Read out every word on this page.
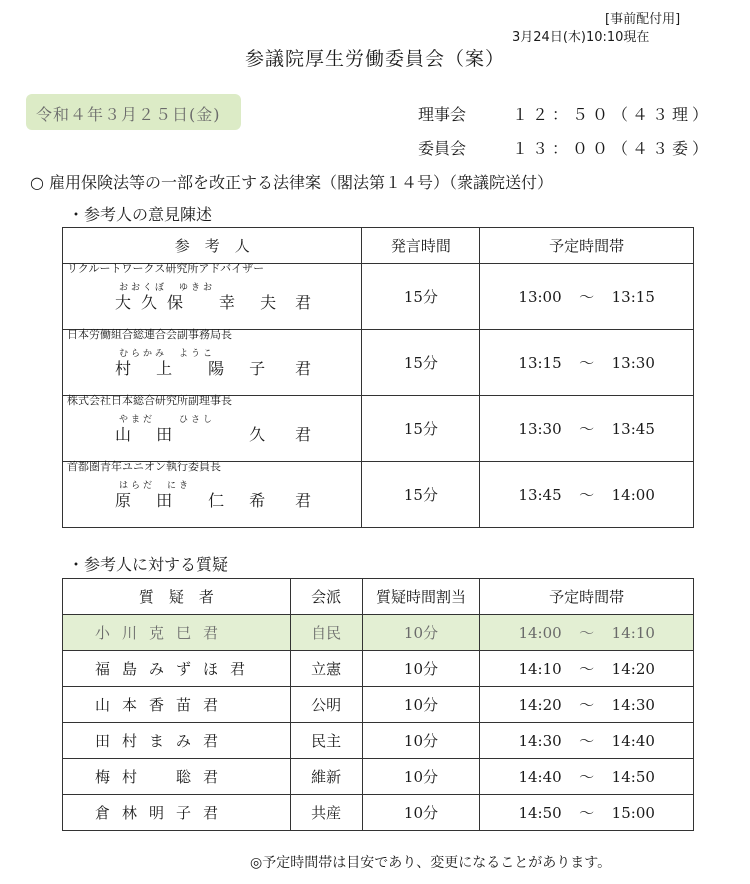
[事前配付用]
3月24日(木)10:10現在
参議院厚生労働委員会（案）
令和４年３月２５日(金)	理事会	１２：５０（４３理）
委員会	１３：００（４３委）
○ 雇用保険法等の一部を改正する法律案（閣法第１４号）（衆議院送付）
・参考人の意見陳述
参　考　人	発言時間	予定時間帯

リクルートワークス研究所アドバイザー
おおくぼ　ゆきお
大久保　幸 夫 君	15分	13:00 〜 13:15

日本労働組合総連合会副事務局長
むらかみ　ようこ
村 上　陽 子 君	15分	13:15 〜 13:30

株式会社日本総合研究所副理事長
やまだ　　ひさし
山 田　　 久 君	15分	13:30 〜 13:45

首都圏青年ユニオン執行委員長
はらだ　にき
原 田　仁 希 君	15分	13:45 〜 14:00
・参考人に対する質疑
質　疑　者	会派	質疑時間割当	予定時間帯
小川克巳君	自民	10分	14:00 〜 14:10
福島みずほ君	立憲	10分	14:10 〜 14:20
山本香苗君	公明	10分	14:20 〜 14:30
田村まみ君	民主	10分	14:30 〜 14:40
梅村　聡君	維新	10分	14:40 〜 14:50
倉林明子君	共産	10分	14:50 〜 15:00
◎予定時間帯は目安であり、変更になることがあります。
